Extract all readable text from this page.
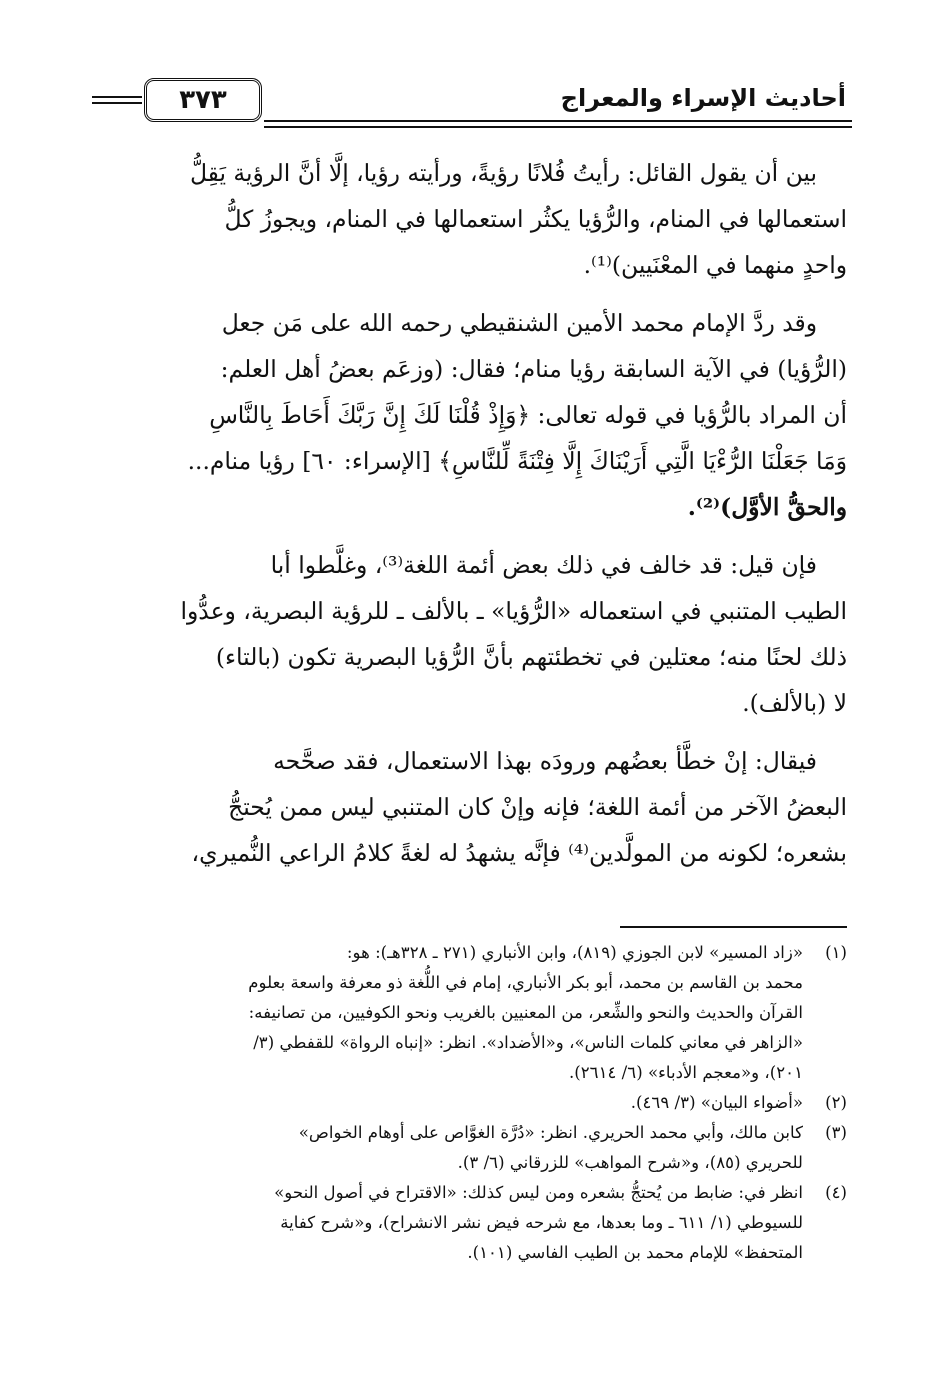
أحاديث الإسراء والمعراج
٣٧٣
بين أن يقول القائل: رأيتُ فُلانًا رؤيةً، ورأيته رؤيا، إلَّا أنَّ الرؤية يَقِلُّ
استعمالها في المنام، والرُّؤيا يكثُر استعمالها في المنام، ويجوزُ كلُّ
واحدٍ منهما في المعْنَيين)⁽¹⁾.
وقد ردَّ الإمام محمد الأمين الشنقيطي رحمه الله على مَن جعل
(الرُّؤيا) في الآية السابقة رؤيا منام؛ فقال: (وزعَم بعضُ أهل العلم:
أن المراد بالرُّؤيا في قوله تعالى: ﴿وَإِذْ قُلْنَا لَكَ إِنَّ رَبَّكَ أَحَاطَ بِالنَّاسِ
وَمَا جَعَلْنَا الرُّءْيَا الَّتِي أَرَيْنَاكَ إِلَّا فِتْنَةً لِّلنَّاسِ﴾ [الإسراء: ٦٠] رؤيا منام...
والحقُّ الأوَّل)⁽²⁾.
فإن قيل: قد خالف في ذلك بعض أئمة اللغة⁽³⁾، وغلَّطوا أبا
الطيب المتنبي في استعماله «الرُّؤيا» ـ بالألف ـ للرؤية البصرية، وعدُّوا
ذلك لحنًا منه؛ معتلين في تخطئتهم بأنَّ الرُّؤيا البصرية تكون (بالتاء)
لا (بالألف).
فيقال: إنْ خطَّأ بعضُهم ورودَه بهذا الاستعمال، فقد صحَّحه
البعضُ الآخر من أئمة اللغة؛ فإنه وإنْ كان المتنبي ليس ممن يُحتجُّ
بشعره؛ لكونه من المولَّدين⁽⁴⁾ فإنَّه يشهدُ له لغةً كلامُ الراعي النُّميري،
(١)
«زاد المسير» لابن الجوزي (٨١٩)، وابن الأنباري (٢٧١ ـ ٣٢٨هـ): هو:
محمد بن القاسم بن محمد، أبو بكر الأنباري، إمام في اللُّغة ذو معرفة واسعة بعلوم
القرآن والحديث والنحو والشِّعر، من المعنيين بالغريب ونحو الكوفيين، من تصانيفه:
«الزاهر في معاني كلمات الناس»، و«الأضداد». انظر: «إنباه الرواة» للقفطي (٣/
٢٠١)، و«معجم الأدباء» (٦/ ٢٦١٤).
(٢)
«أضواء البيان» (٣/ ٤٦٩).
(٣)
كابن مالك، وأبي محمد الحريري. انظر: «دُرَّة الغوَّاص على أوهام الخواص»
للحريري (٨٥)، و«شرح المواهب» للزرقاني (٦/ ٣).
(٤)
انظر في: ضابط من يُحتجُّ بشعره ومن ليس كذلك: «الاقتراح في أصول النحو»
للسيوطي (١/ ٦١١ ـ وما بعدها، مع شرحه فيض نشر الانشراح)، و«شرح كفاية
المتحفظ» للإمام محمد بن الطيب الفاسي (١٠١).
